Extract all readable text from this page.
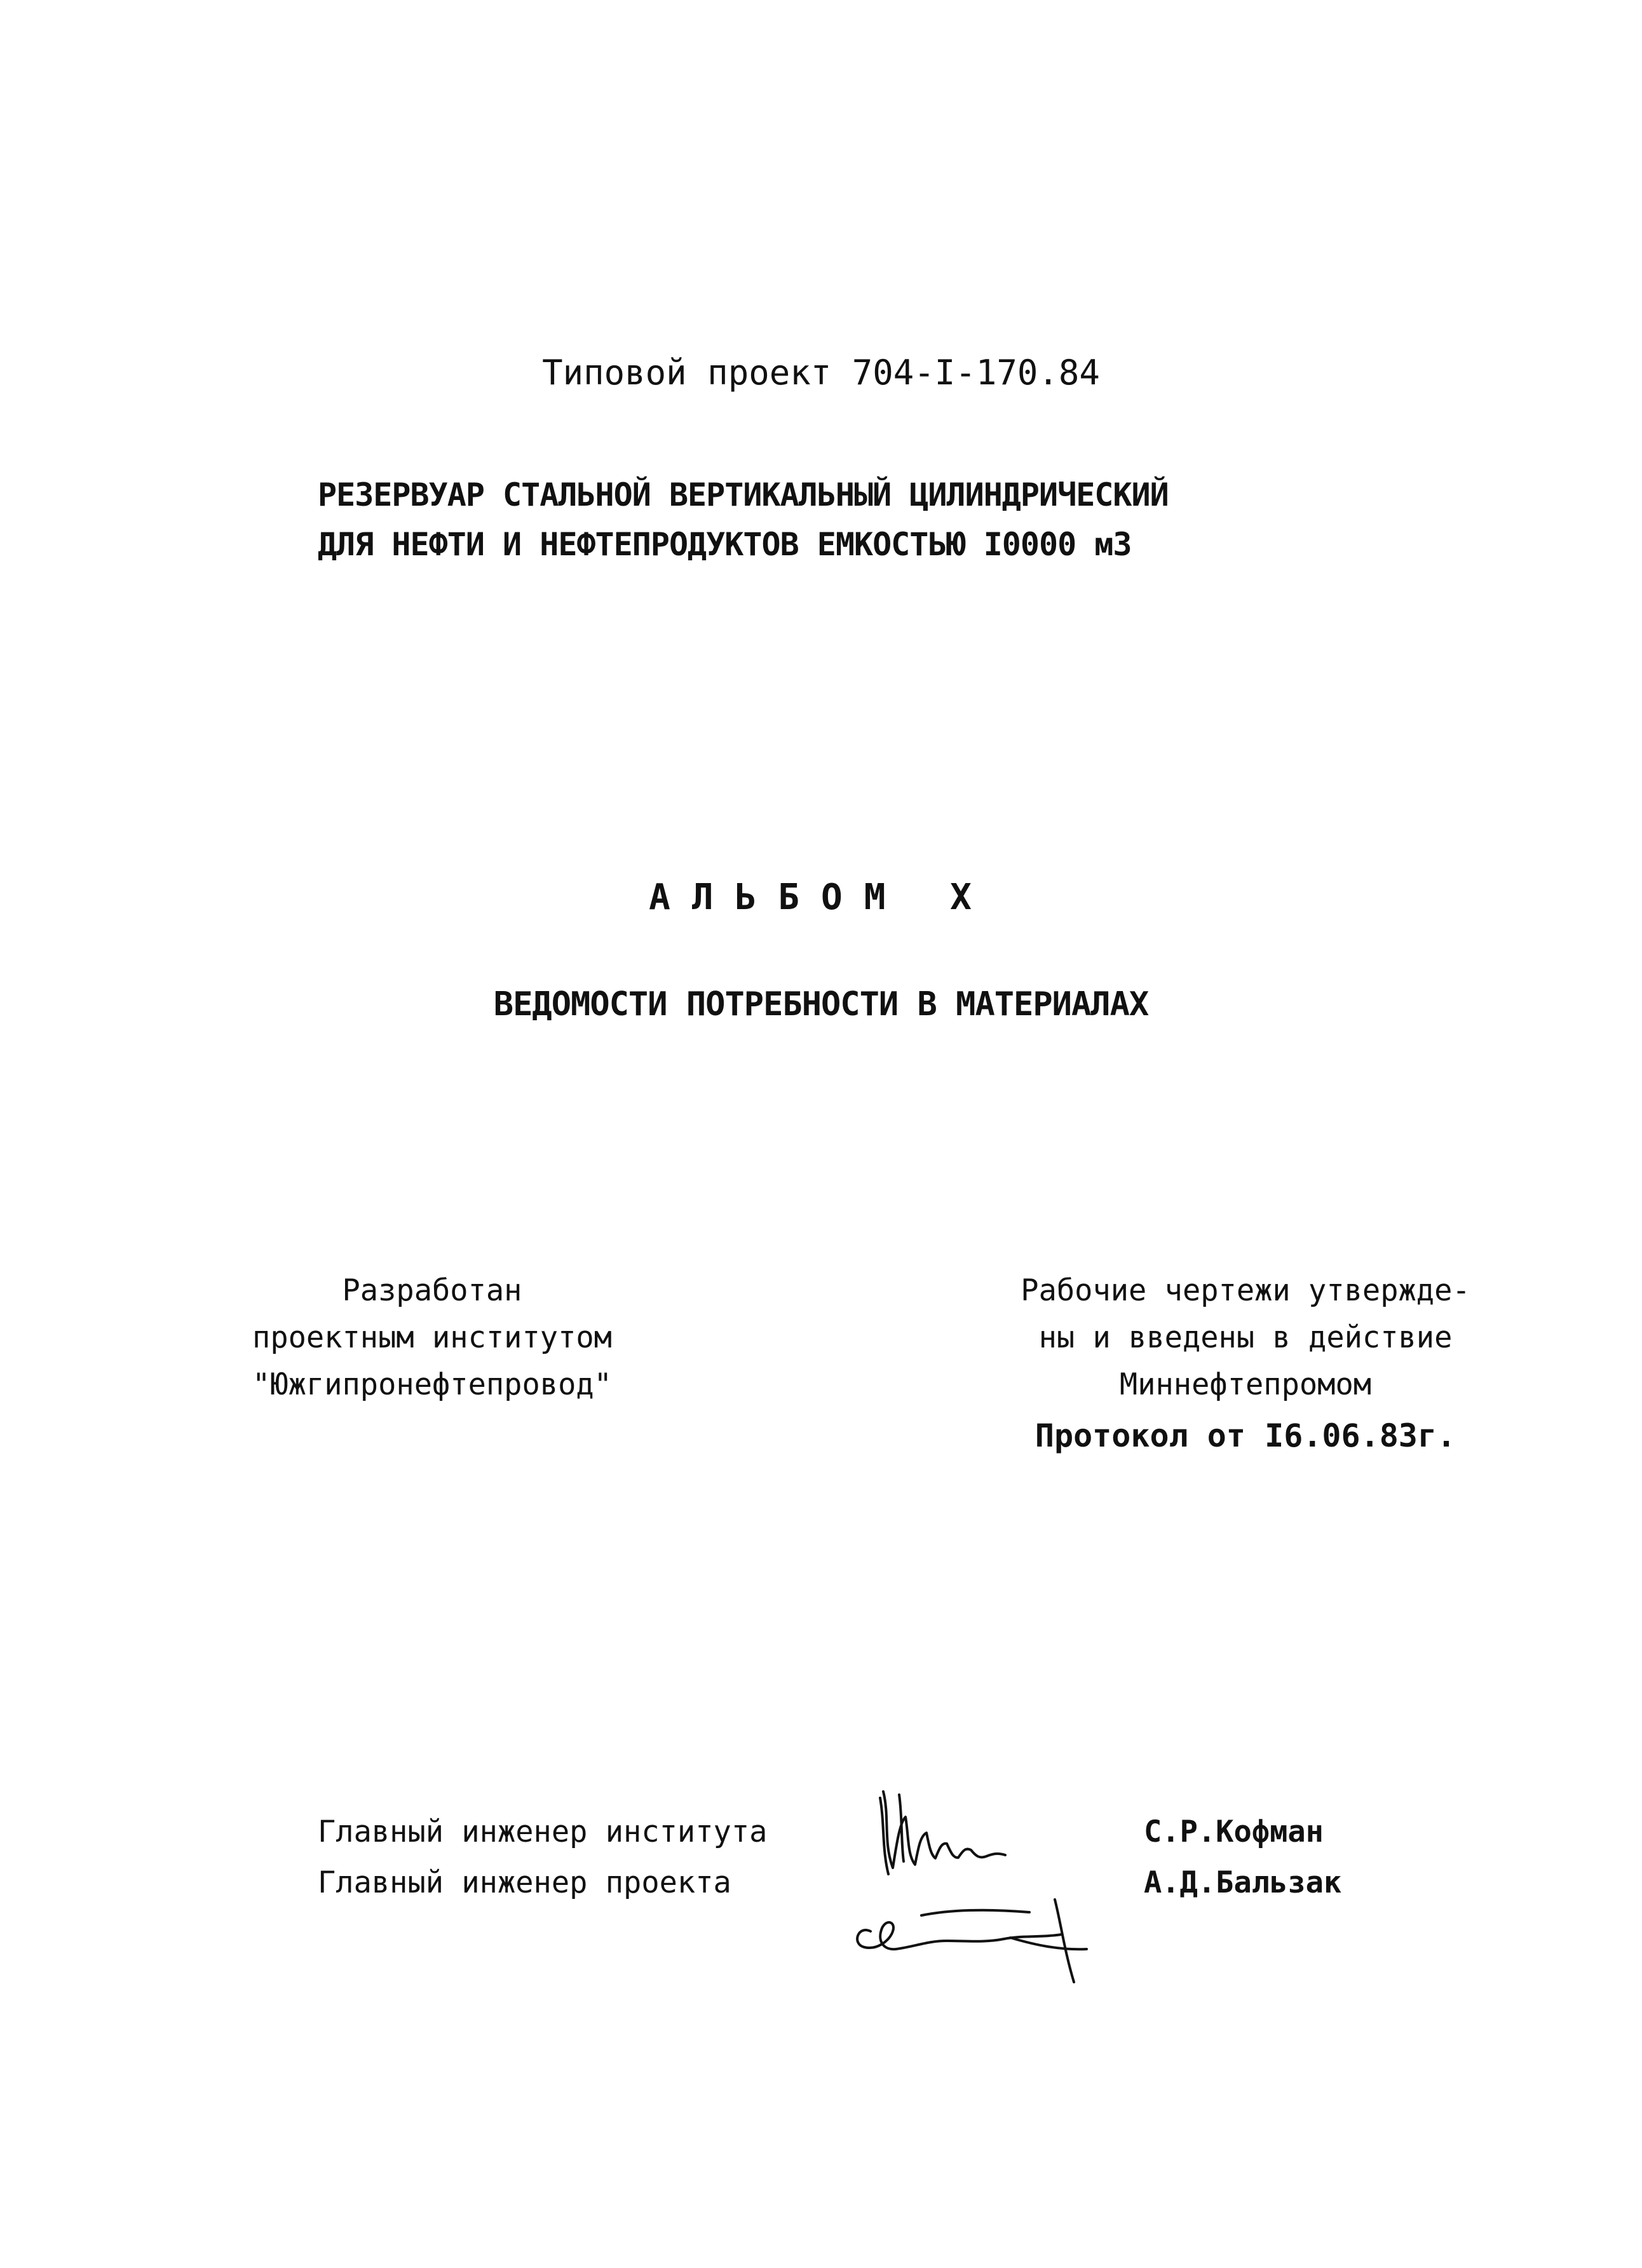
Типовой проект 704-I-170.84
РЕЗЕРВУАР СТАЛЬНОЙ ВЕРТИКАЛЬНЫЙ ЦИЛИНДРИЧЕСКИЙ
ДЛЯ НЕФТИ И НЕФТЕПРОДУКТОВ ЕМКОСТЬЮ I0000 м3
АЛЬБОМ X
ВЕДОМОСТИ ПОТРЕБНОСТИ В МАТЕРИАЛАХ
Разработан
проектным институтом
"Южгипронефтепровод"
Рабочие чертежи утвержде-
ны и введены в действие
Миннефтепромом
Протокол от I6.06.83г.
Главный инженер института	С.Р.Кофман
Главный инженер проекта	А.Д.Бальзак
